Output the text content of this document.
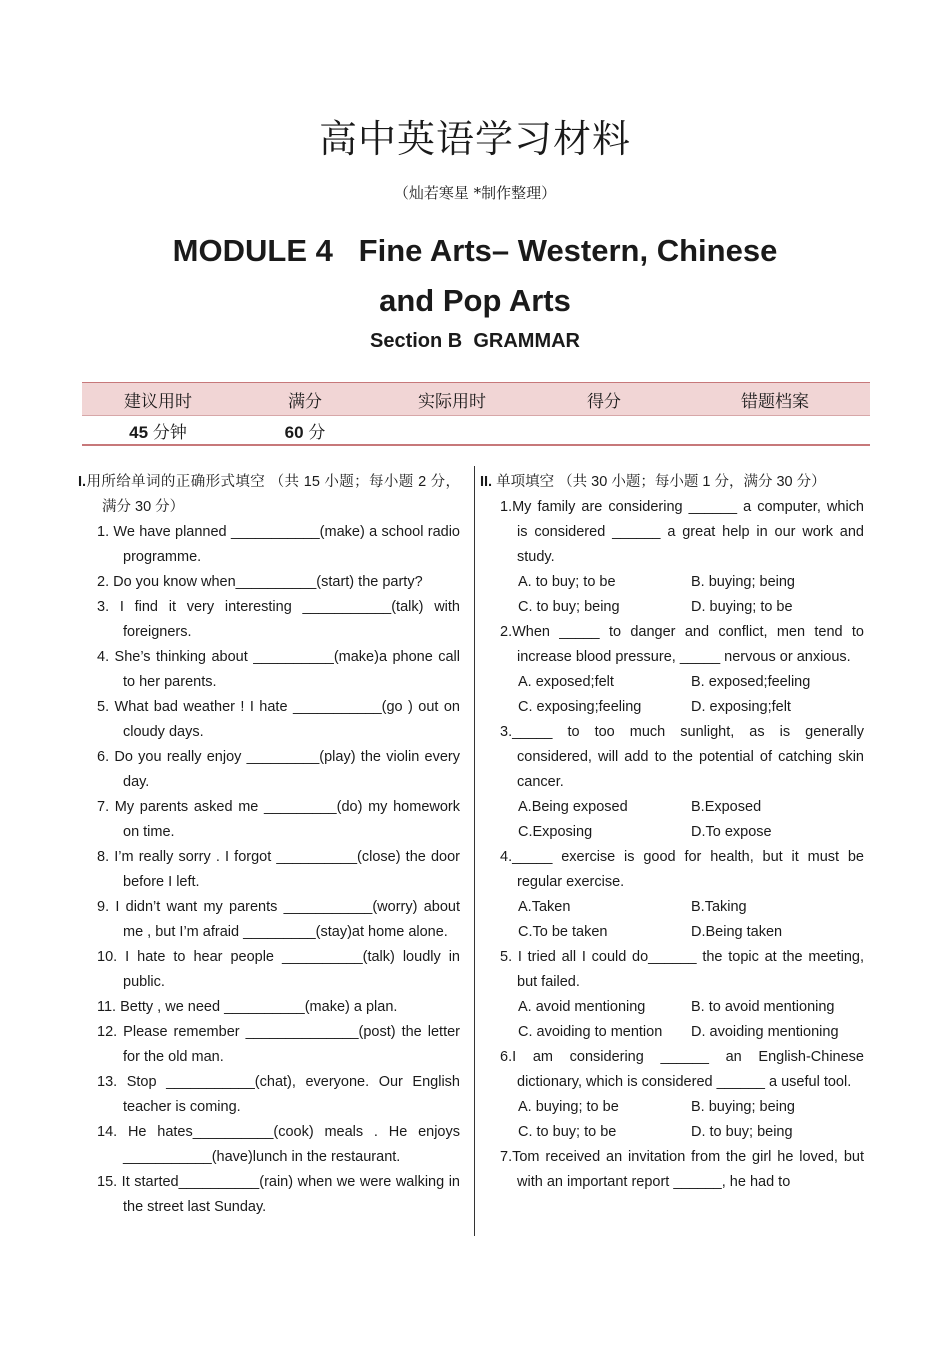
高中英语学习材料
（灿若寒星 *制作整理）
MODULE 4   Fine Arts– Western, Chinese
and Pop Arts
Section B  GRAMMAR
建议用时	满分	实际用时	得分	错题档案
45 分钟	60 分			
I.用所给单词的正确形式填空 （共 15 小题；每小题 2 分，满分 30 分）
1. We have planned ___________(make) a school radio programme.
2. Do you know when__________(start) the party?
3. I find it very interesting ___________(talk) with foreigners.
4. She’s thinking about __________(make)a phone call to her parents.
5. What bad weather ! I hate ___________(go ) out on cloudy days.
6. Do you really enjoy _________(play) the violin every day.
7. My parents asked me _________(do) my homework on time.
8. I’m really sorry . I forgot __________(close) the door before I left.
9. I didn’t want my parents ___________(worry) about me , but I’m afraid _________(stay)at home alone.
10. I hate to hear people __________(talk) loudly in public.
11. Betty , we need __________(make) a plan.
12. Please remember ______________(post) the letter for the old man.
13. Stop ___________(chat), everyone. Our English teacher is coming.
14. He hates__________(cook) meals . He enjoys ___________(have)lunch in the restaurant.
15. It started__________(rain) when we were walking in the street last Sunday.
II. 单项填空 （共 30 小题；每小题 1 分，满分 30 分）
1.My family are considering ______ a computer, which is considered ______ a great help in our work and study.
A. to buy; to be	B. buying; being
C. to buy; being	D. buying; to be
2.When _____ to danger and conflict, men tend to increase blood pressure, _____ nervous or anxious.
A. exposed;felt	B. exposed;feeling
C. exposing;feeling	D. exposing;felt
3._____ to too much sunlight, as is generally considered, will add to the potential of catching skin cancer.
A.Being exposed	B.Exposed
C.Exposing	D.To expose
4._____ exercise is good for health, but it must be regular exercise.
A.Taken	B.Taking
C.To be taken	D.Being taken
5. I tried all I could do______ the topic at the meeting, but failed.
A. avoid mentioning	B. to avoid mentioning
C. avoiding to mention	D. avoiding mentioning
6.I am considering ______ an English-Chinese dictionary, which is considered ______ a useful tool.
A. buying; to be	B. buying; being
C. to buy; to be	D. to buy; being
7.Tom received an invitation from the girl he loved, but with an important report ______, he had to
